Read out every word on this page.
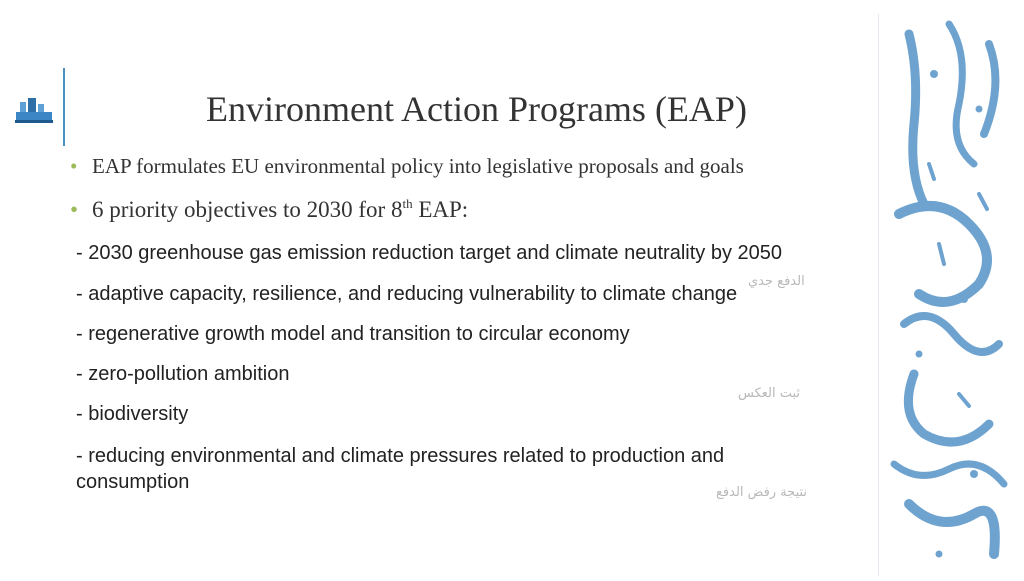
Environment Action Programs (EAP)
• EAP formulates EU environmental policy into legislative proposals and goals
• 6 priority objectives to 2030 for 8th EAP:
- 2030 greenhouse gas emission reduction target and climate neutrality by 2050
- adaptive capacity, resilience, and reducing vulnerability to climate change
- regenerative growth model and transition to circular economy
- zero-pollution ambition
- biodiversity
- reducing environmental and climate pressures related to production and consumption
الدفع جدي
ثبت العكس
نتيجة رفض الدفع
